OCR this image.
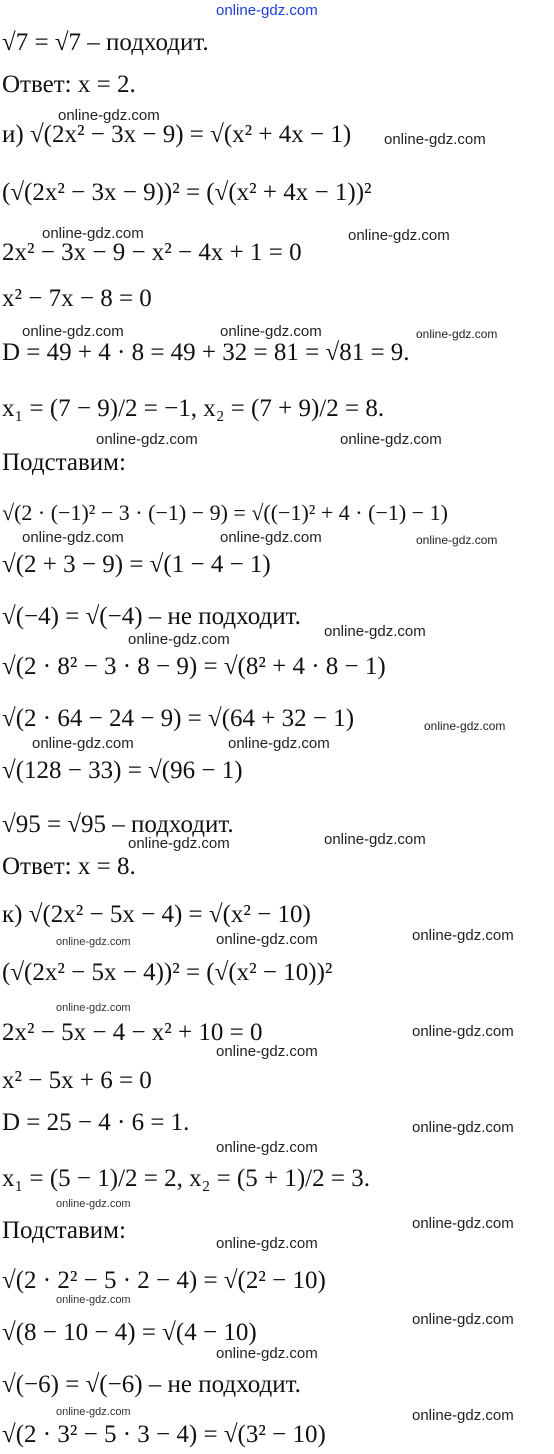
online-gdz.com
√7 = √7 – подходит.
Ответ: x = 2.
и) √(2x² − 3x − 9) = √(x² + 4x − 1)
(√(2x² − 3x − 9))² = (√(x² + 4x − 1))²
2x² − 3x − 9 − x² − 4x + 1 = 0
x² − 7x − 8 = 0
D = 49 + 4 · 8 = 49 + 32 = 81 = √81 = 9.
x₁ = (7 − 9)/2 = −1, x₂ = (7 + 9)/2 = 8.
Подставим:
√(2 · (−1)² − 3 · (−1) − 9) = √((−1)² + 4 · (−1) − 1)
√(2 + 3 − 9) = √(1 − 4 − 1)
√(−4) = √(−4) – не подходит.
√(2 · 8² − 3 · 8 − 9) = √(8² + 4 · 8 − 1)
√(2 · 64 − 24 − 9) = √(64 + 32 − 1)
√(128 − 33) = √(96 − 1)
√95 = √95 – подходит.
Ответ: x = 8.
к) √(2x² − 5x − 4) = √(x² − 10)
(√(2x² − 5x − 4))² = (√(x² − 10))²
2x² − 5x − 4 − x² + 10 = 0
x² − 5x + 6 = 0
D = 25 − 4 · 6 = 1.
x₁ = (5 − 1)/2 = 2, x₂ = (5 + 1)/2 = 3.
Подставим:
√(2 · 2² − 5 · 2 − 4) = √(2² − 10)
√(8 − 10 − 4) = √(4 − 10)
√(−6) = √(−6) – не подходит.
√(2 · 3² − 5 · 3 − 4) = √(3² − 10)
online-gdz.com
online-gdz.com
online-gdz.com	online-gdz.com
online-gdz.com	online-gdz.com	online-gdz.com
online-gdz.com	online-gdz.com
online-gdz.com	online-gdz.com	online-gdz.com
online-gdz.com	online-gdz.com
online-gdz.com
online-gdz.com	online-gdz.com
online-gdz.com
online-gdz.com
online-gdz.com	online-gdz.com
online-gdz.com
online-gdz.com
online-gdz.com
online-gdz.com
online-gdz.com
online-gdz.com
online-gdz.com
online-gdz.com
online-gdz.com
online-gdz.com
online-gdz.com
online-gdz.com
online-gdz.com	online-gdz.com
